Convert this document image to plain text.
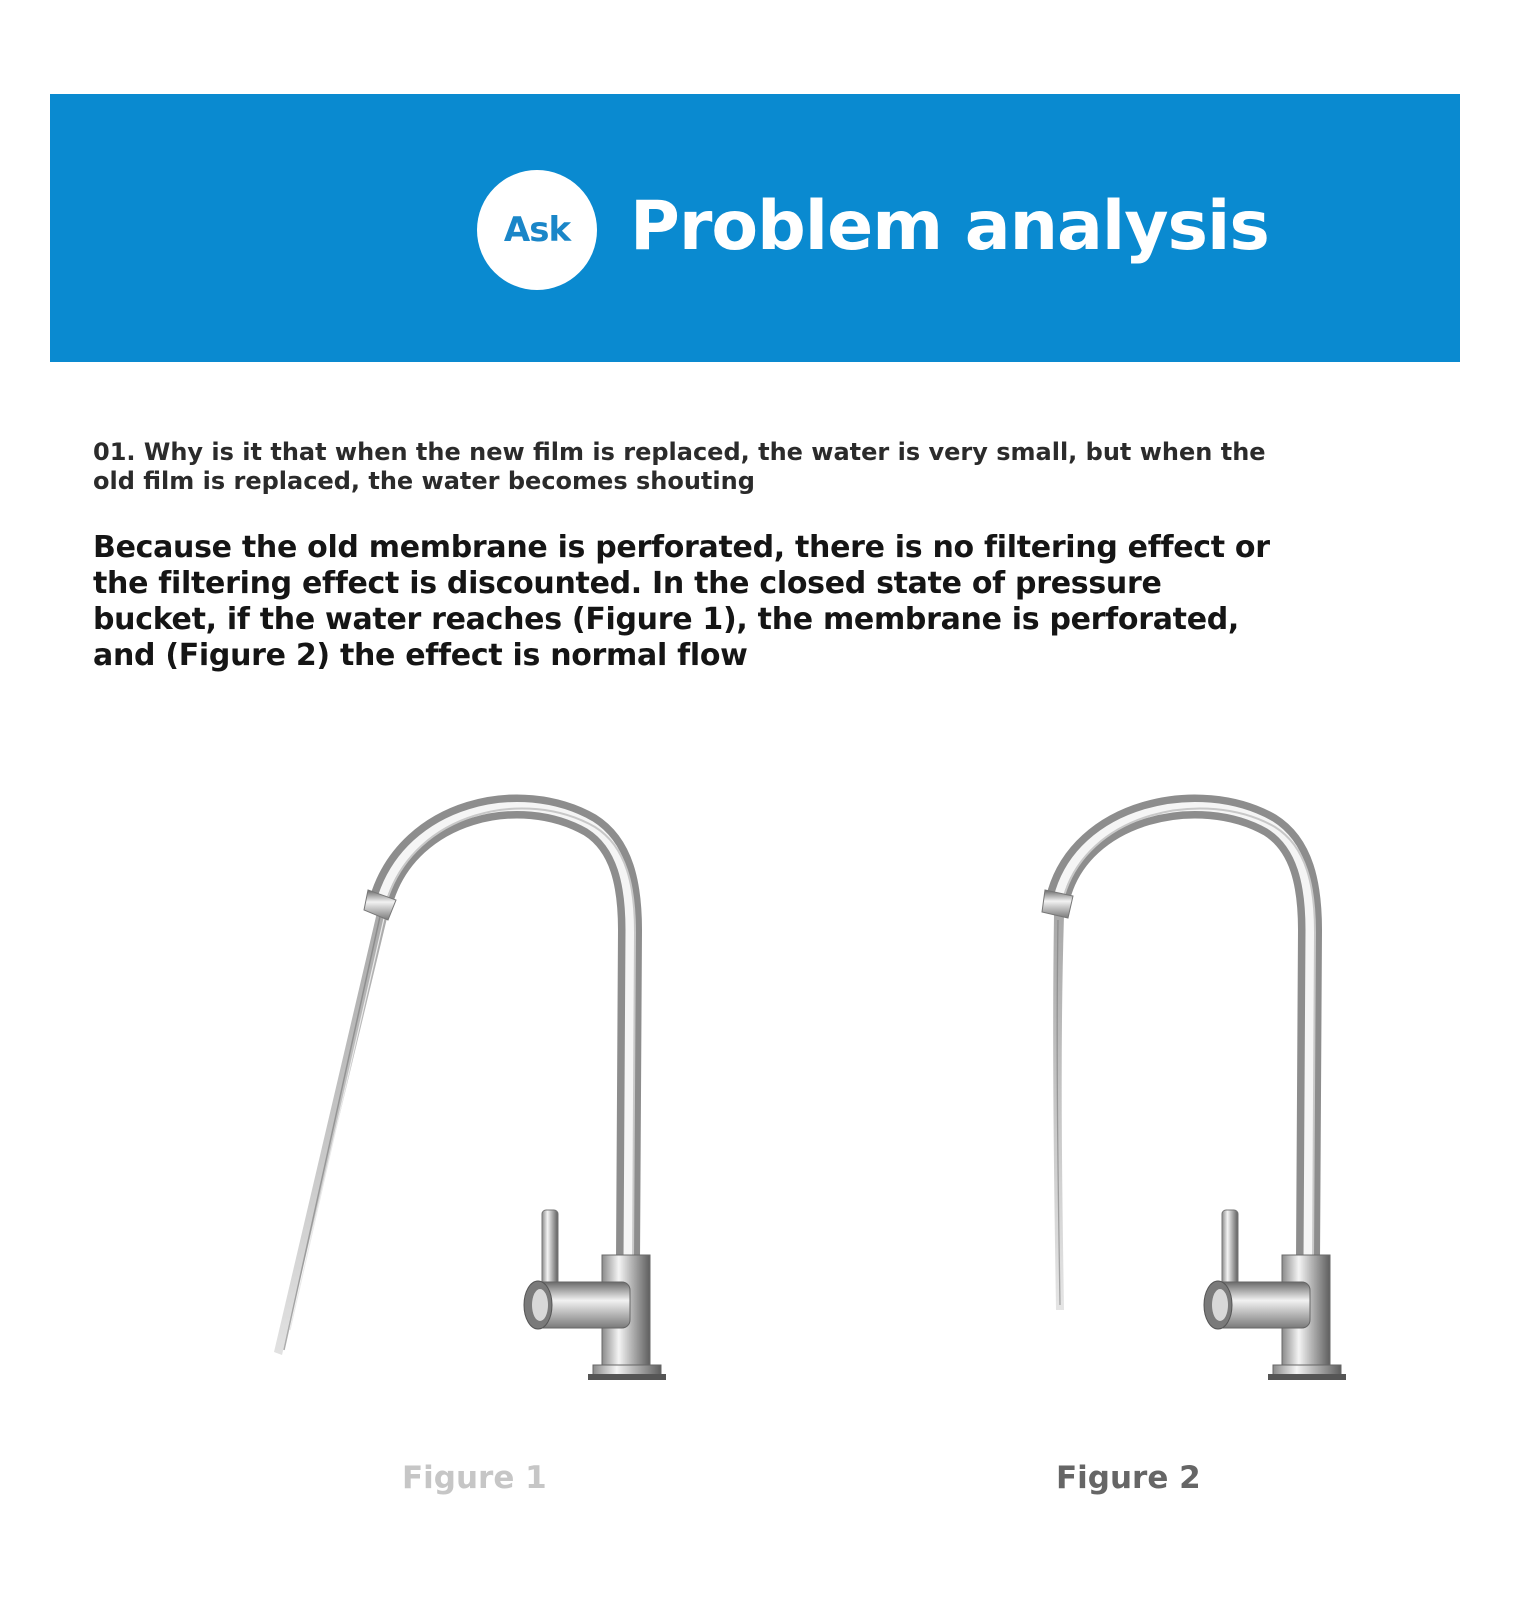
Ask Problem analysis
01. Why is it that when the new film is replaced, the water is very small, but when the old film is replaced, the water becomes shouting
Because the old membrane is perforated, there is no filtering effect or the filtering effect is discounted. In the closed state of pressure bucket, if the water reaches (Figure 1), the membrane is perforated, and (Figure 2) the effect is normal flow
Figure 1	Figure 2
